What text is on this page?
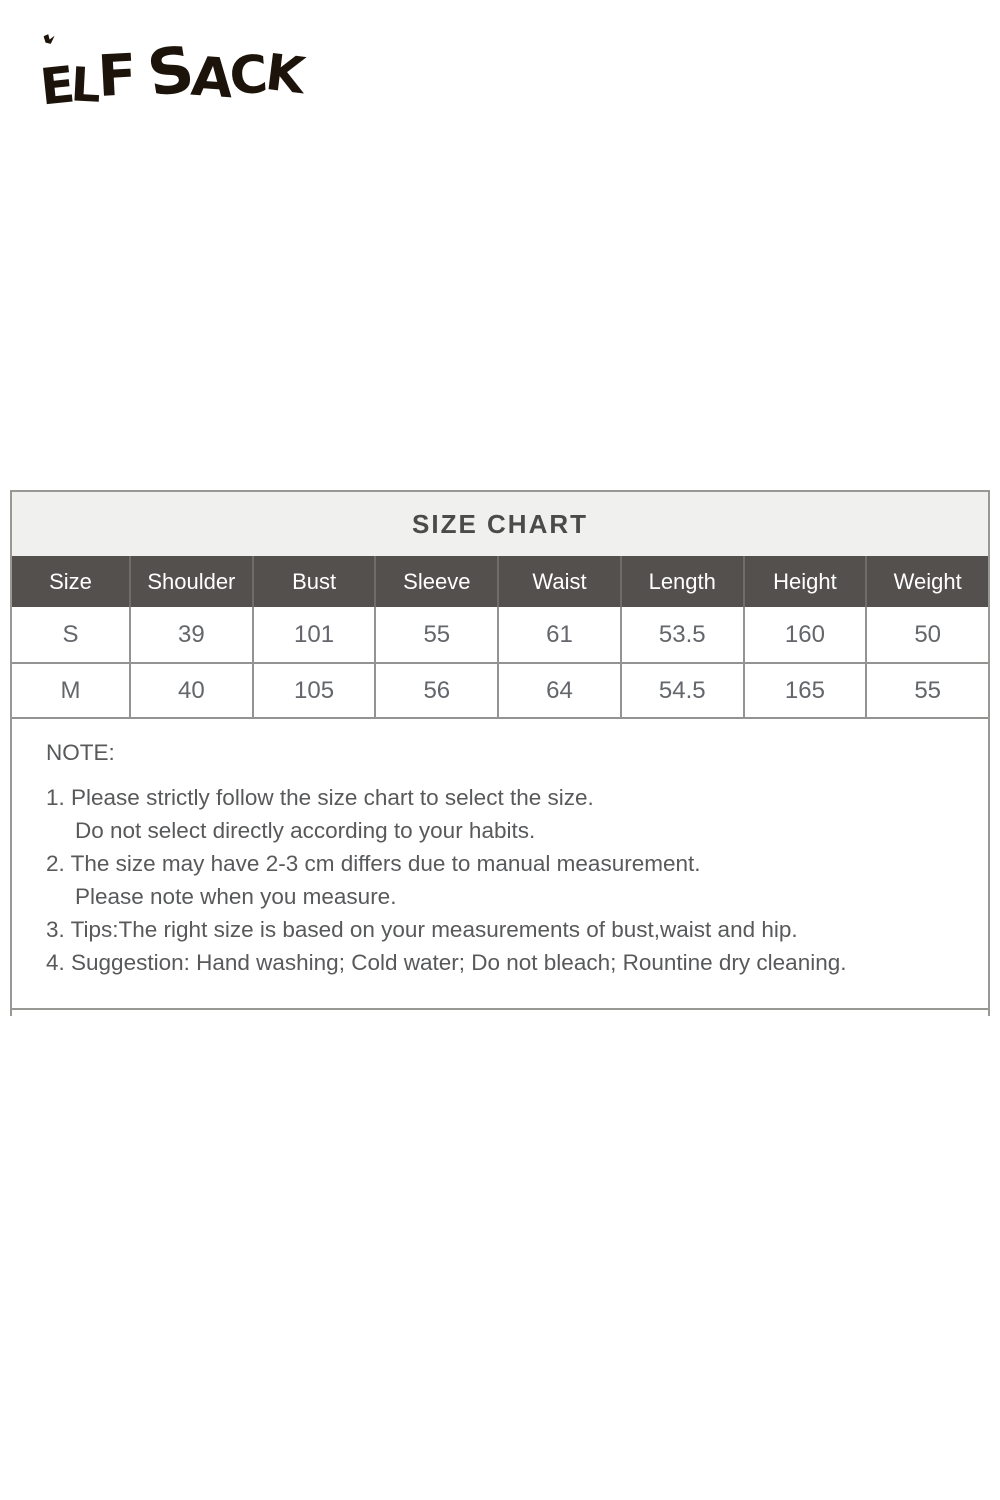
ELFSACK
SIZE CHART
Size	Shoulder	Bust	Sleeve	Waist	Length	Height	Weight
S	39	101	55	61	53.5	160	50
M	40	105	56	64	54.5	165	55
NOTE:
1. Please strictly follow the size chart to select the size.
Do not select directly according to your habits.
2. The size may have 2-3 cm differs due to manual measurement.
Please note when you measure.
3. Tips:The right size is based on your measurements of bust,waist and hip.
4. Suggestion: Hand washing; Cold water; Do not bleach; Rountine dry cleaning.
